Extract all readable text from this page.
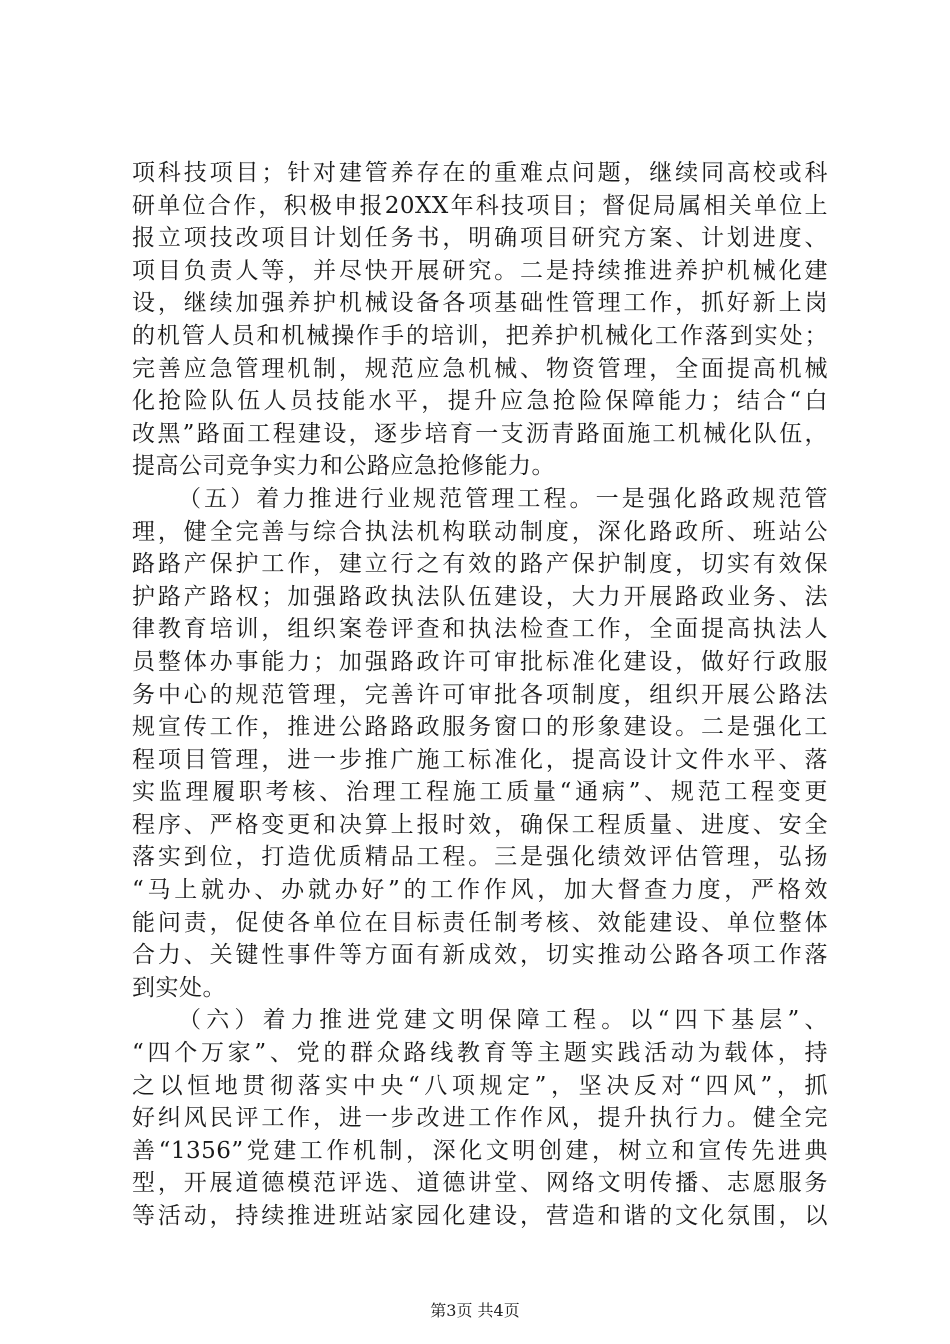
项科技项目；针对建管养存在的重难点问题，继续同高校或科
研单位合作，积极申报20XX年科技项目；督促局属相关单位上
报立项技改项目计划任务书，明确项目研究方案、计划进度、
项目负责人等，并尽快开展研究。二是持续推进养护机械化建
设，继续加强养护机械设备各项基础性管理工作，抓好新上岗
的机管人员和机械操作手的培训，把养护机械化工作落到实处；
完善应急管理机制，规范应急机械、物资管理，全面提高机械
化抢险队伍人员技能水平，提升应急抢险保障能力；结合“白
改黑”路面工程建设，逐步培育一支沥青路面施工机械化队伍，
提高公司竞争实力和公路应急抢修能力。
（五）着力推进行业规范管理工程。一是强化路政规范管
理，健全完善与综合执法机构联动制度，深化路政所、班站公
路路产保护工作，建立行之有效的路产保护制度，切实有效保
护路产路权；加强路政执法队伍建设，大力开展路政业务、法
律教育培训，组织案卷评查和执法检查工作，全面提高执法人
员整体办事能力；加强路政许可审批标准化建设，做好行政服
务中心的规范管理，完善许可审批各项制度，组织开展公路法
规宣传工作，推进公路路政服务窗口的形象建设。二是强化工
程项目管理，进一步推广施工标准化，提高设计文件水平、落
实监理履职考核、治理工程施工质量“通病”、规范工程变更
程序、严格变更和决算上报时效，确保工程质量、进度、安全
落实到位，打造优质精品工程。三是强化绩效评估管理，弘扬
“马上就办、办就办好”的工作作风，加大督查力度，严格效
能问责，促使各单位在目标责任制考核、效能建设、单位整体
合力、关键性事件等方面有新成效，切实推动公路各项工作落
到实处。
（六）着力推进党建文明保障工程。以“四下基层”、
“四个万家”、党的群众路线教育等主题实践活动为载体，持
之以恒地贯彻落实中央“八项规定”，坚决反对“四风”，抓
好纠风民评工作，进一步改进工作作风，提升执行力。健全完
善“1356”党建工作机制，深化文明创建，树立和宣传先进典
型，开展道德模范评选、道德讲堂、网络文明传播、志愿服务
等活动，持续推进班站家园化建设，营造和谐的文化氛围，以
第3页 共4页
